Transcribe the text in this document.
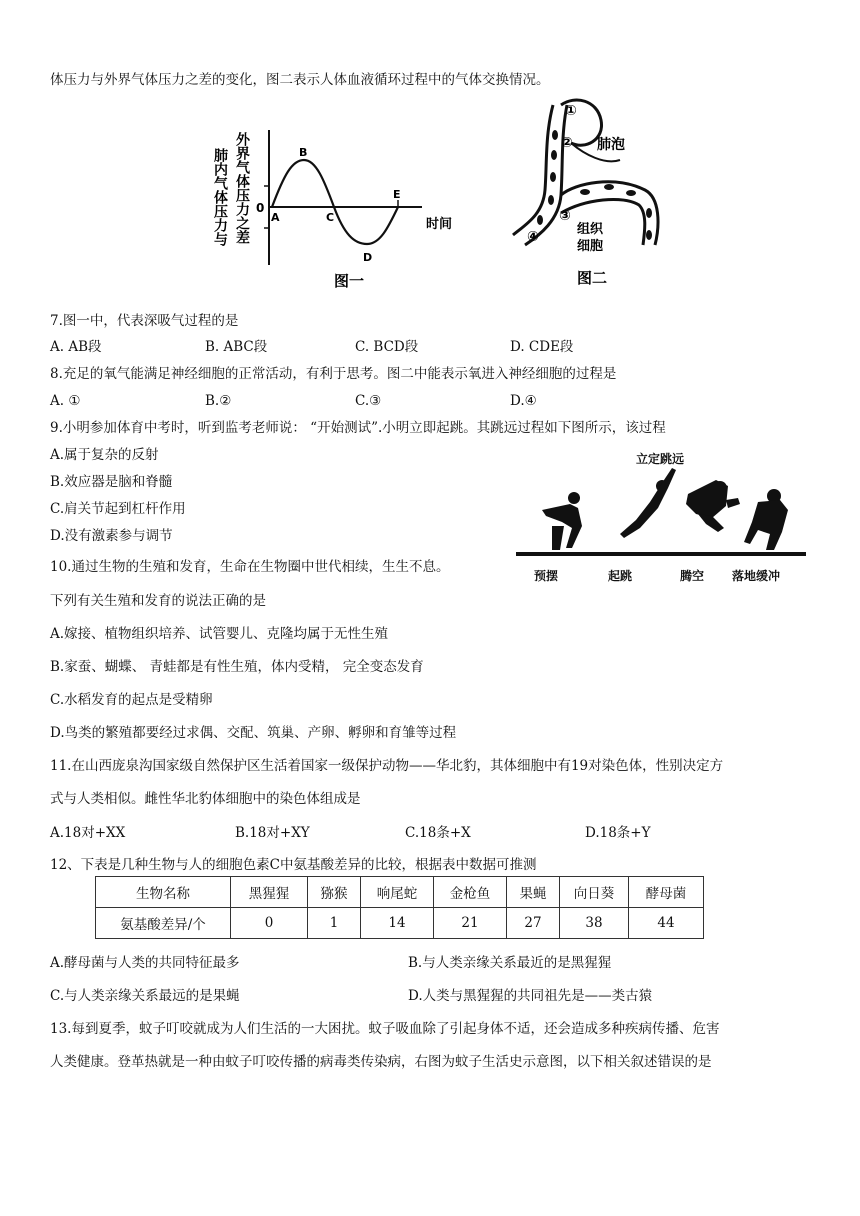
体压力与外界气体压力之差的变化，图二表示人体血液循环过程中的气体交换情况。
肺内气体压力与 外界气体压力之差 0
A
B
C
D
E
时间
图一
①
②
③
④
肺泡
组织
细胞
图二
7.图一中，代表深吸气过程的是
A. AB段	B. ABC段	C. BCD段	D. CDE段
8.充足的氧气能满足神经细胞的正常活动，有利于思考。图二中能表示氧进入神经细胞的过程是
A. ①	B.②	C.③	D.④
9.小明参加体育中考时，听到监考老师说： “开始测试”.小明立即起跳。其跳远过程如下图所示，该过程
A.属于复杂的反射
B.效应器是脑和脊髓
C.肩关节起到杠杆作用
D.没有激素参与调节
立定跳远
预摆	起跳	腾空 落地缓冲
10.通过生物的生殖和发育，生命在生物圈中世代相续，生生不息。
下列有关生殖和发育的说法正确的是
A.嫁接、植物组织培养、试管婴儿、克隆均属于无性生殖
B.家蚕、蝴蝶、 青蛙都是有性生殖，体内受精， 完全变态发育
C.水稻发育的起点是受精卵
D.鸟类的繁殖都要经过求偶、交配、筑巢、产卵、孵卵和育雏等过程
11.在山西庞泉沟国家级自然保护区生活着国家一级保护动物——华北豹，其体细胞中有19对染色体，性别决定方
式与人类相似。雌性华北豹体细胞中的染色体组成是
A.18对+XX	B.18对+XY	C.18条+X	D.18条+Y
12、下表是几种生物与人的细胞色素C中氨基酸差异的比较，根据表中数据可推测
生物名称	黑猩猩	猕猴	响尾蛇	金枪鱼	果蝇	向日葵	酵母菌
氨基酸差异/个	0	1	14	21	27	38	44
A.酵母菌与人类的共同特征最多	B.与人类亲缘关系最近的是黑猩猩
C.与人类亲缘关系最远的是果蝇	D.人类与黑猩猩的共同祖先是——类古猿
13.每到夏季，蚊子叮咬就成为人们生活的一大困扰。蚊子吸血除了引起身体不适，还会造成多种疾病传播、危害
人类健康。登革热就是一种由蚊子叮咬传播的病毒类传染病，右图为蚊子生活史示意图，以下相关叙述错误的是
